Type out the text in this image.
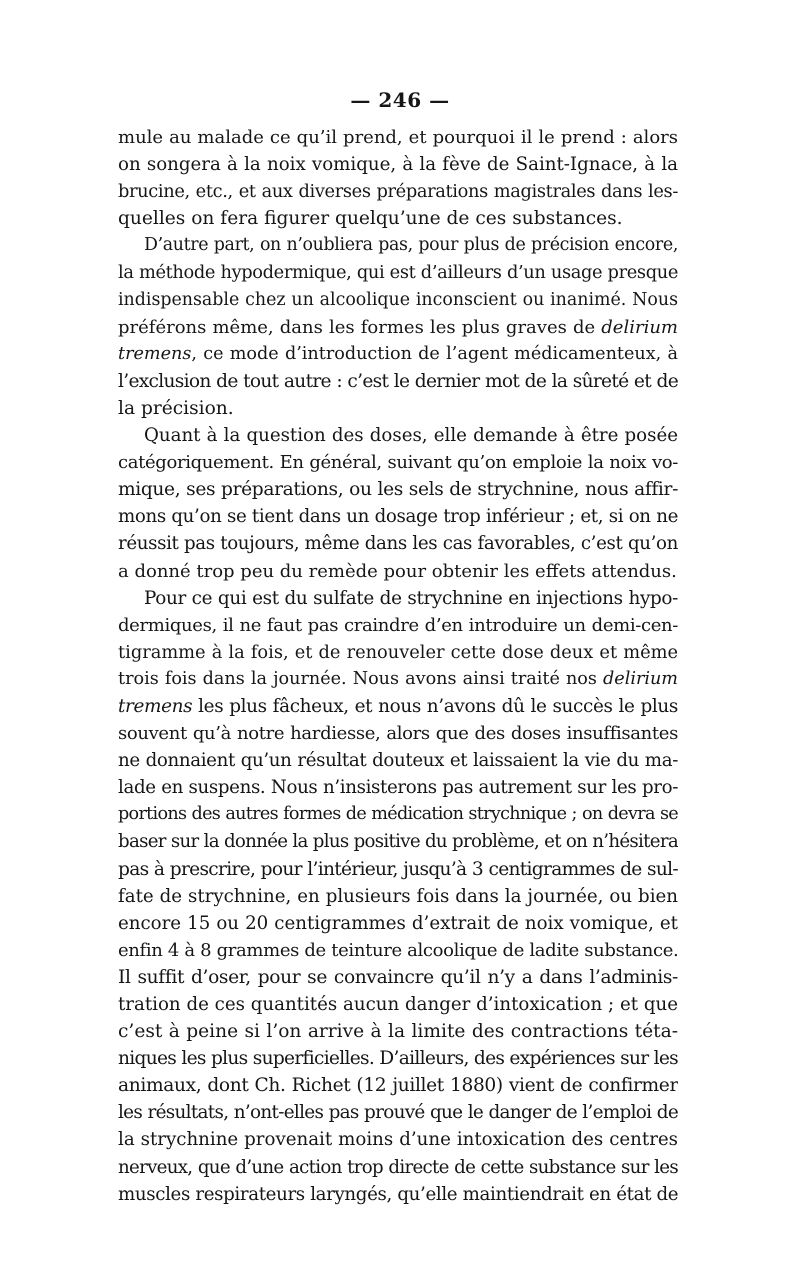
— 246 —
mule au malade ce qu’il prend, et pourquoi il le prend : alors
on songera à la noix vomique, à la fève de Saint-Ignace, à la
brucine, etc., et aux diverses préparations magistrales dans les-
quelles on fera figurer quelqu’une de ces substances.
D’autre part, on n’oubliera pas, pour plus de précision encore,
la méthode hypodermique, qui est d’ailleurs d’un usage presque
indispensable chez un alcoolique inconscient ou inanimé. Nous
préférons même, dans les formes les plus graves de delirium
tremens, ce mode d’introduction de l’agent médicamenteux, à
l’exclusion de tout autre : c’est le dernier mot de la sûreté et de
la précision.
Quant à la question des doses, elle demande à être posée
catégoriquement. En général, suivant qu’on emploie la noix vo-
mique, ses préparations, ou les sels de strychnine, nous affir-
mons qu’on se tient dans un dosage trop inférieur ; et, si on ne
réussit pas toujours, même dans les cas favorables, c’est qu’on
a donné trop peu du remède pour obtenir les effets attendus.
Pour ce qui est du sulfate de strychnine en injections hypo-
dermiques, il ne faut pas craindre d’en introduire un demi-cen-
tigramme à la fois, et de renouveler cette dose deux et même
trois fois dans la journée. Nous avons ainsi traité nos delirium
tremens les plus fâcheux, et nous n’avons dû le succès le plus
souvent qu’à notre hardiesse, alors que des doses insuffisantes
ne donnaient qu’un résultat douteux et laissaient la vie du ma-
lade en suspens. Nous n’insisterons pas autrement sur les pro-
portions des autres formes de médication strychnique ; on devra se
baser sur la donnée la plus positive du problème, et on n’hésitera
pas à prescrire, pour l’intérieur, jusqu’à 3 centigrammes de sul-
fate de strychnine, en plusieurs fois dans la journée, ou bien
encore 15 ou 20 centigrammes d’extrait de noix vomique, et
enfin 4 à 8 grammes de teinture alcoolique de ladite substance.
Il suffit d’oser, pour se convaincre qu’il n’y a dans l’adminis-
tration de ces quantités aucun danger d’intoxication ; et que
c’est à peine si l’on arrive à la limite des contractions téta-
niques les plus superficielles. D’ailleurs, des expériences sur les
animaux, dont Ch. Richet (12 juillet 1880) vient de confirmer
les résultats, n’ont-elles pas prouvé que le danger de l’emploi de
la strychnine provenait moins d’une intoxication des centres
nerveux, que d’une action trop directe de cette substance sur les
muscles respirateurs laryngés, qu’elle maintiendrait en état de
